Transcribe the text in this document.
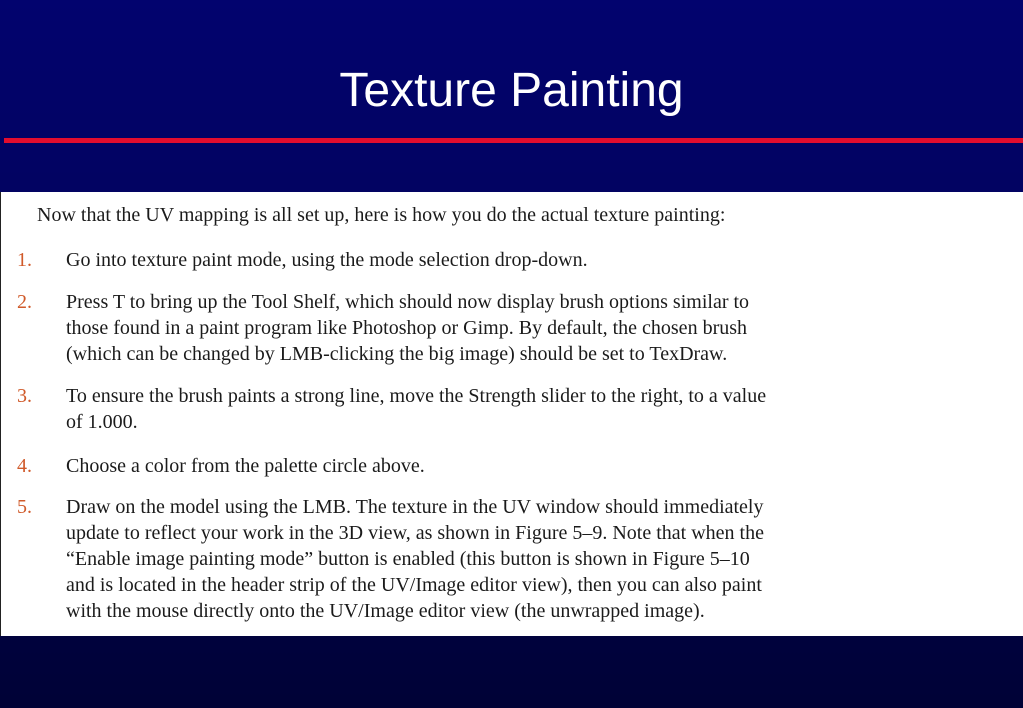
Texture Painting
Now that the UV mapping is all set up, here is how you do the actual texture painting:
1.	Go into texture paint mode, using the mode selection drop-down.
2.	Press T to bring up the Tool Shelf, which should now display brush options similar to
those found in a paint program like Photoshop or Gimp. By default, the chosen brush
(which can be changed by LMB-clicking the big image) should be set to TexDraw.
3.	To ensure the brush paints a strong line, move the Strength slider to the right, to a value
of 1.000.
4.	Choose a color from the palette circle above.
5.	Draw on the model using the LMB. The texture in the UV window should immediately
update to reflect your work in the 3D view, as shown in Figure 5–9. Note that when the
“Enable image painting mode” button is enabled (this button is shown in Figure 5–10
and is located in the header strip of the UV/Image editor view), then you can also paint
with the mouse directly onto the UV/Image editor view (the unwrapped image).
